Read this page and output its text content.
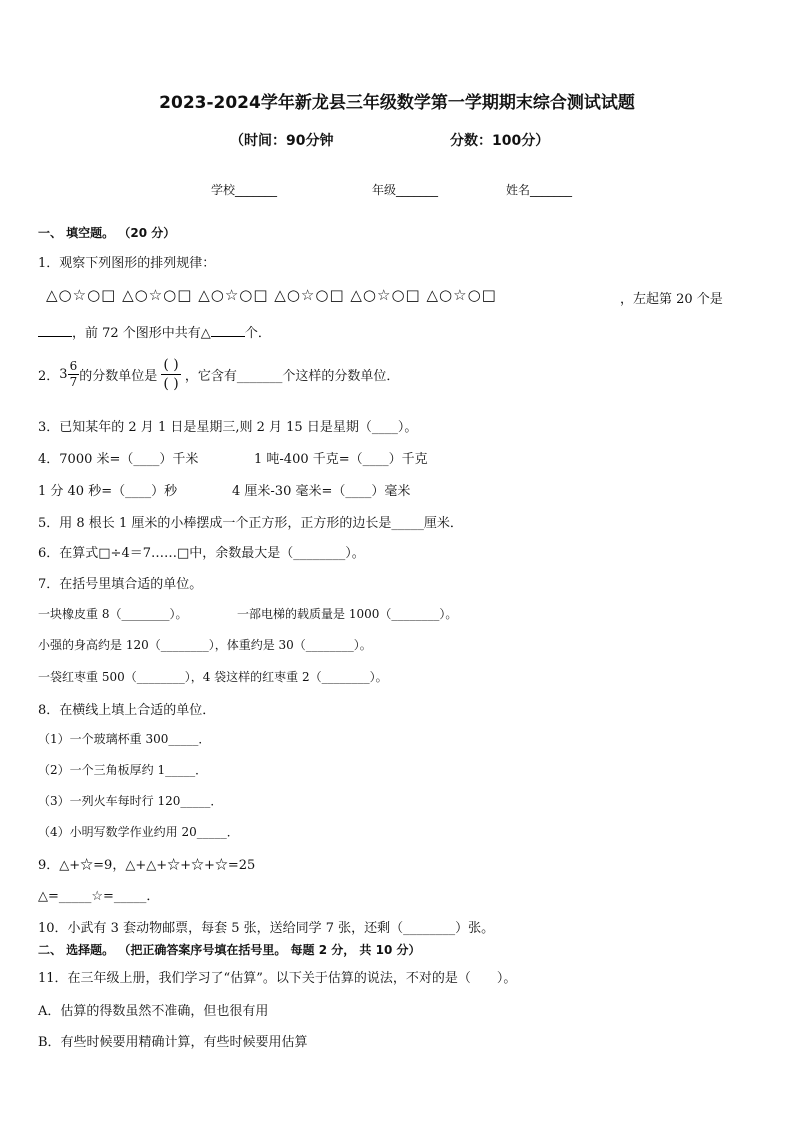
2023-2024学年新龙县三年级数学第一学期期末综合测试试题
（时间：90分钟	分数：100分）
学校_______	年级_______	姓名_______
一、 填空题。 （20 分）
1．观察下列图形的排列规律：
△○☆○□ △○☆○□ △○☆○□ △○☆○□ △○☆○□ △○☆○□	，左起第 20 个是
，前 72 个图形中共有△	个．
2．$3 \frac{6}{7}$ 的分数单位是 $\frac{( )}{( )}$ ，它含有_______个这样的分数单位．
3．已知某年的 2 月 1 日是星期三,则 2 月 15 日是星期（____）。
4．7000 米=（____）千米	1 吨-400 千克=（____）千克
1 分 40 秒=（____）秒	4 厘米-30 毫米=（____）毫米
5．用 8 根长 1 厘米的小棒摆成一个正方形，正方形的边长是_____厘米．
6．在算式□÷4＝7……□中，余数最大是（________）。
7．在括号里填合适的单位。
一块橡皮重 8（________）。	一部电梯的载质量是 1000（________）。
小强的身高约是 120（________），体重约是 30（________）。
一袋红枣重 500（________），4 袋这样的红枣重 2（________）。
8．在横线上填上合适的单位．
（1）一个玻璃杯重 300_____．
（2）一个三角板厚约 1_____．
（3）一列火车每时行 120_____．
（4）小明写数学作业约用 20_____．
9．△+☆=9，△+△+☆+☆+☆=25
△=_____☆=_____．
10．小武有 3 套动物邮票，每套 5 张，送给同学 7 张，还剩（________）张。
二、 选择题。 （把正确答案序号填在括号里。 每题 2 分， 共 10 分）
11．在三年级上册，我们学习了“估算”。以下关于估算的说法，不对的是（　　）。
A．估算的得数虽然不准确，但也很有用
B．有些时候要用精确计算，有些时候要用估算
